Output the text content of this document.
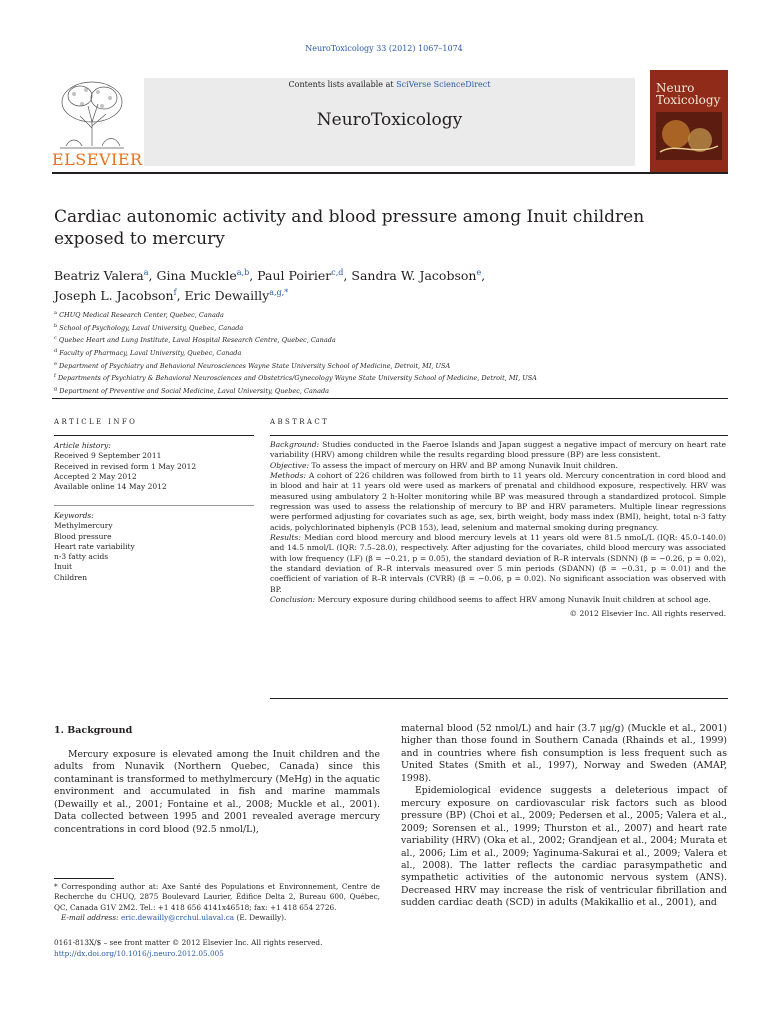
NeuroToxicology 33 (2012) 1067–1074
ELSEVIER
Contents lists available at SciVerse ScienceDirect
NeuroToxicology
Neuro
Toxicology
Cardiac autonomic activity and blood pressure among Inuit children exposed to mercury
Beatriz Valera$^a$, Gina Muckle$^{a,b}$, Paul Poirier$^{c,d}$, Sandra W. Jacobson$^e$,
Joseph L. Jacobson$^f$, Eric Dewailly$^{a,g,*}$
$^a$ CHUQ Medical Research Center, Quebec, Canada
$^b$ School of Psychology, Laval University, Quebec, Canada
$^c$ Quebec Heart and Lung Institute, Laval Hospital Research Centre, Quebec, Canada
$^d$ Faculty of Pharmacy, Laval University, Quebec, Canada
$^e$ Department of Psychiatry and Behavioral Neurosciences Wayne State University School of Medicine, Detroit, MI, USA
$^f$ Departments of Psychiatry & Behavioral Neurosciences and Obstetrics/Gynecology Wayne State University School of Medicine, Detroit, MI, USA
$^g$ Department of Preventive and Social Medicine, Laval University, Quebec, Canada
ARTICLE INFO	ABSTRACT
Article history:
Received 9 September 2011
Received in revised form 1 May 2012
Accepted 2 May 2012
Available online 14 May 2012
Keywords:
Methylmercury
Blood pressure
Heart rate variability
n-3 fatty acids
Inuit
Children

Background: Studies conducted in the Faeroe Islands and Japan suggest a negative impact of mercury on heart rate variability (HRV) among children while the results regarding blood pressure (BP) are less consistent.

Objective: To assess the impact of mercury on HRV and BP among Nunavik Inuit children.

Methods: A cohort of 226 children was followed from birth to 11 years old. Mercury concentration in cord blood and in blood and hair at 11 years old were used as markers of prenatal and childhood exposure, respectively. HRV was measured using ambulatory 2 h-Holter monitoring while BP was measured through a standardized protocol. Simple regression was used to assess the relationship of mercury to BP and HRV parameters. Multiple linear regressions were performed adjusting for covariates such as age, sex, birth weight, body mass index (BMI), height, total n-3 fatty acids, polychlorinated biphenyls (PCB 153), lead, selenium and maternal smoking during pregnancy.

Results: Median cord blood mercury and blood mercury levels at 11 years old were 81.5 nmoL/L (IQR: 45.0–140.0) and 14.5 nmol/L (IQR: 7.5–28.0), respectively. After adjusting for the covariates, child blood mercury was associated with low frequency (LF) (β = −0.21, p = 0.05), the standard deviation of R–R intervals (SDNN) (β = −0.26, p = 0.02), the standard deviation of R–R intervals measured over 5 min periods (SDANN) (β = −0.31, p = 0.01) and the coefficient of variation of R–R intervals (CVRR) (β = −0.06, p = 0.02). No significant association was observed with BP.

Conclusion: Mercury exposure during childhood seems to affect HRV among Nunavik Inuit children at school age.

© 2012 Elsevier Inc. All rights reserved.

1. Background

Mercury exposure is elevated among the Inuit children and the adults from Nunavik (Northern Quebec, Canada) since this contaminant is transformed to methylmercury (MeHg) in the aquatic environment and accumulated in fish and marine mammals (Dewailly et al., 2001; Fontaine et al., 2008; Muckle et al., 2001). Data collected between 1995 and 2001 revealed average mercury concentrations in cord blood (92.5 nmol/L),

maternal blood (52 nmol/L) and hair (3.7 μg/g) (Muckle et al., 2001) higher than those found in Southern Canada (Rhainds et al., 1999) and in countries where fish consumption is less frequent such as United States (Smith et al., 1997), Norway and Sweden (AMAP, 1998).

Epidemiological evidence suggests a deleterious impact of mercury exposure on cardiovascular risk factors such as blood pressure (BP) (Choi et al., 2009; Pedersen et al., 2005; Valera et al., 2009; Sorensen et al., 1999; Thurston et al., 2007) and heart rate variability (HRV) (Oka et al., 2002; Grandjean et al., 2004; Murata et al., 2006; Lim et al., 2009; Yaginuma-Sakurai et al., 2009; Valera et al., 2008). The latter reflects the cardiac parasympathetic and sympathetic activities of the autonomic nervous system (ANS). Decreased HRV may increase the risk of ventricular fibrillation and sudden cardiac death (SCD) in adults (Makikallio et al., 2001), and

* Corresponding author at: Axe Santé des Populations et Environnement, Centre de Recherche du CHUQ, 2875 Boulevard Laurier, Édifice Delta 2, Bureau 600, Québec, QC, Canada G1V 2M2. Tel.: +1 418 656 4141x46518; fax: +1 418 654 2726.
E-mail address: eric.dewailly@crchul.ulaval.ca (E. Dewailly).
0161-813X/$ – see front matter © 2012 Elsevier Inc. All rights reserved.
http://dx.doi.org/10.1016/j.neuro.2012.05.005
